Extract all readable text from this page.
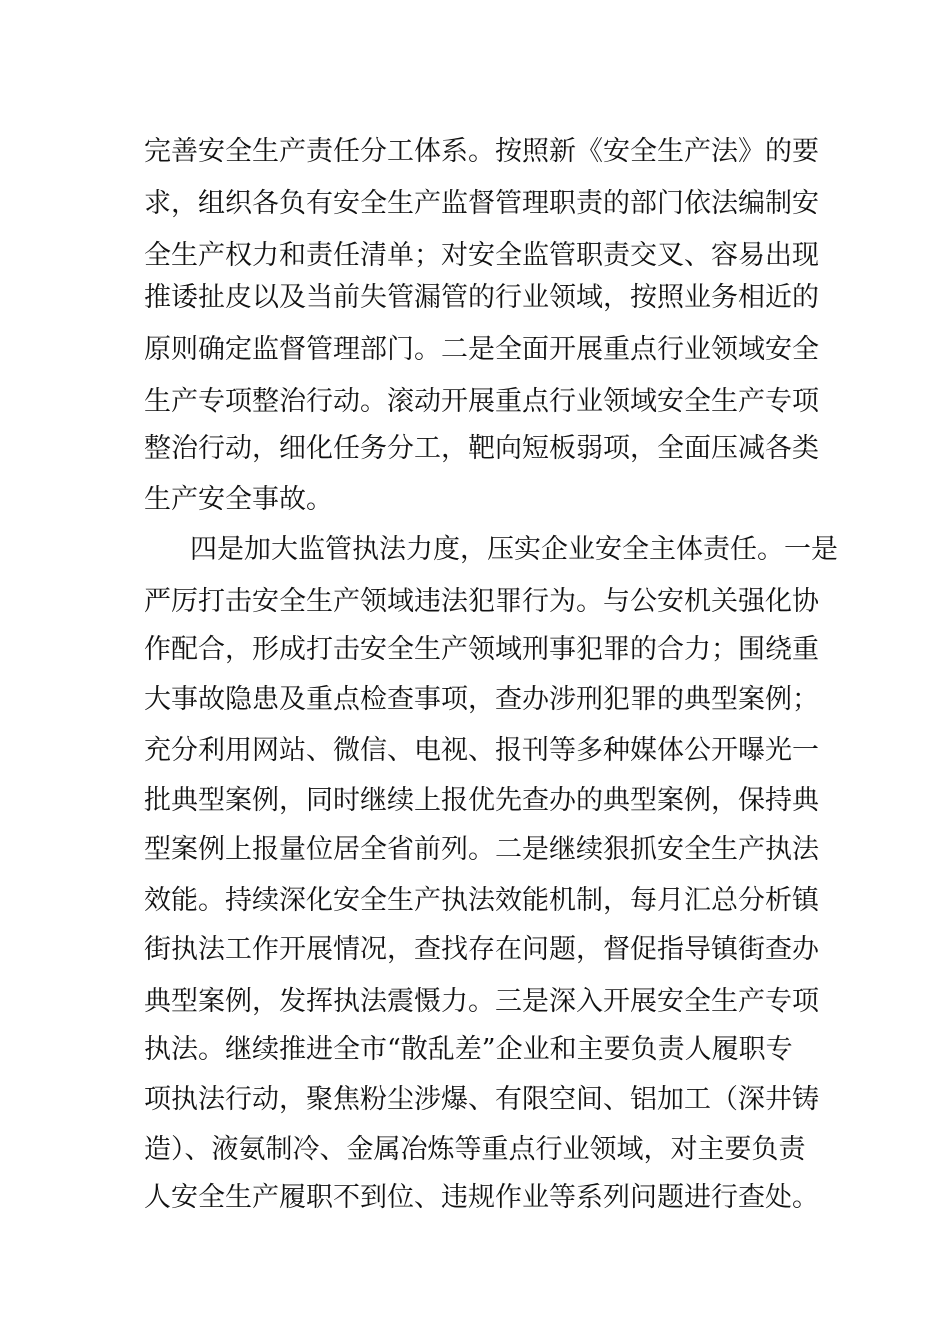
完善安全生产责任分工体系。按照新《安全生产法》的要
求，组织各负有安全生产监督管理职责的部门依法编制安
全生产权力和责任清单；对安全监管职责交叉、容易出现
推诿扯皮以及当前失管漏管的行业领域，按照业务相近的
原则确定监督管理部门。二是全面开展重点行业领域安全
生产专项整治行动。滚动开展重点行业领域安全生产专项
整治行动，细化任务分工，靶向短板弱项，全面压减各类
生产安全事故。
四是加大监管执法力度，压实企业安全主体责任。一是
严厉打击安全生产领域违法犯罪行为。与公安机关强化协
作配合，形成打击安全生产领域刑事犯罪的合力；围绕重
大事故隐患及重点检查事项，查办涉刑犯罪的典型案例；
充分利用网站、微信、电视、报刊等多种媒体公开曝光一
批典型案例，同时继续上报优先查办的典型案例，保持典
型案例上报量位居全省前列。二是继续狠抓安全生产执法
效能。持续深化安全生产执法效能机制，每月汇总分析镇
街执法工作开展情况，查找存在问题，督促指导镇街查办
典型案例，发挥执法震慑力。三是深入开展安全生产专项
执法。继续推进全市“散乱差”企业和主要负责人履职专
项执法行动，聚焦粉尘涉爆、有限空间、铝加工（深井铸
造）、液氨制冷、金属冶炼等重点行业领域，对主要负责
人安全生产履职不到位、违规作业等系列问题进行查处。
